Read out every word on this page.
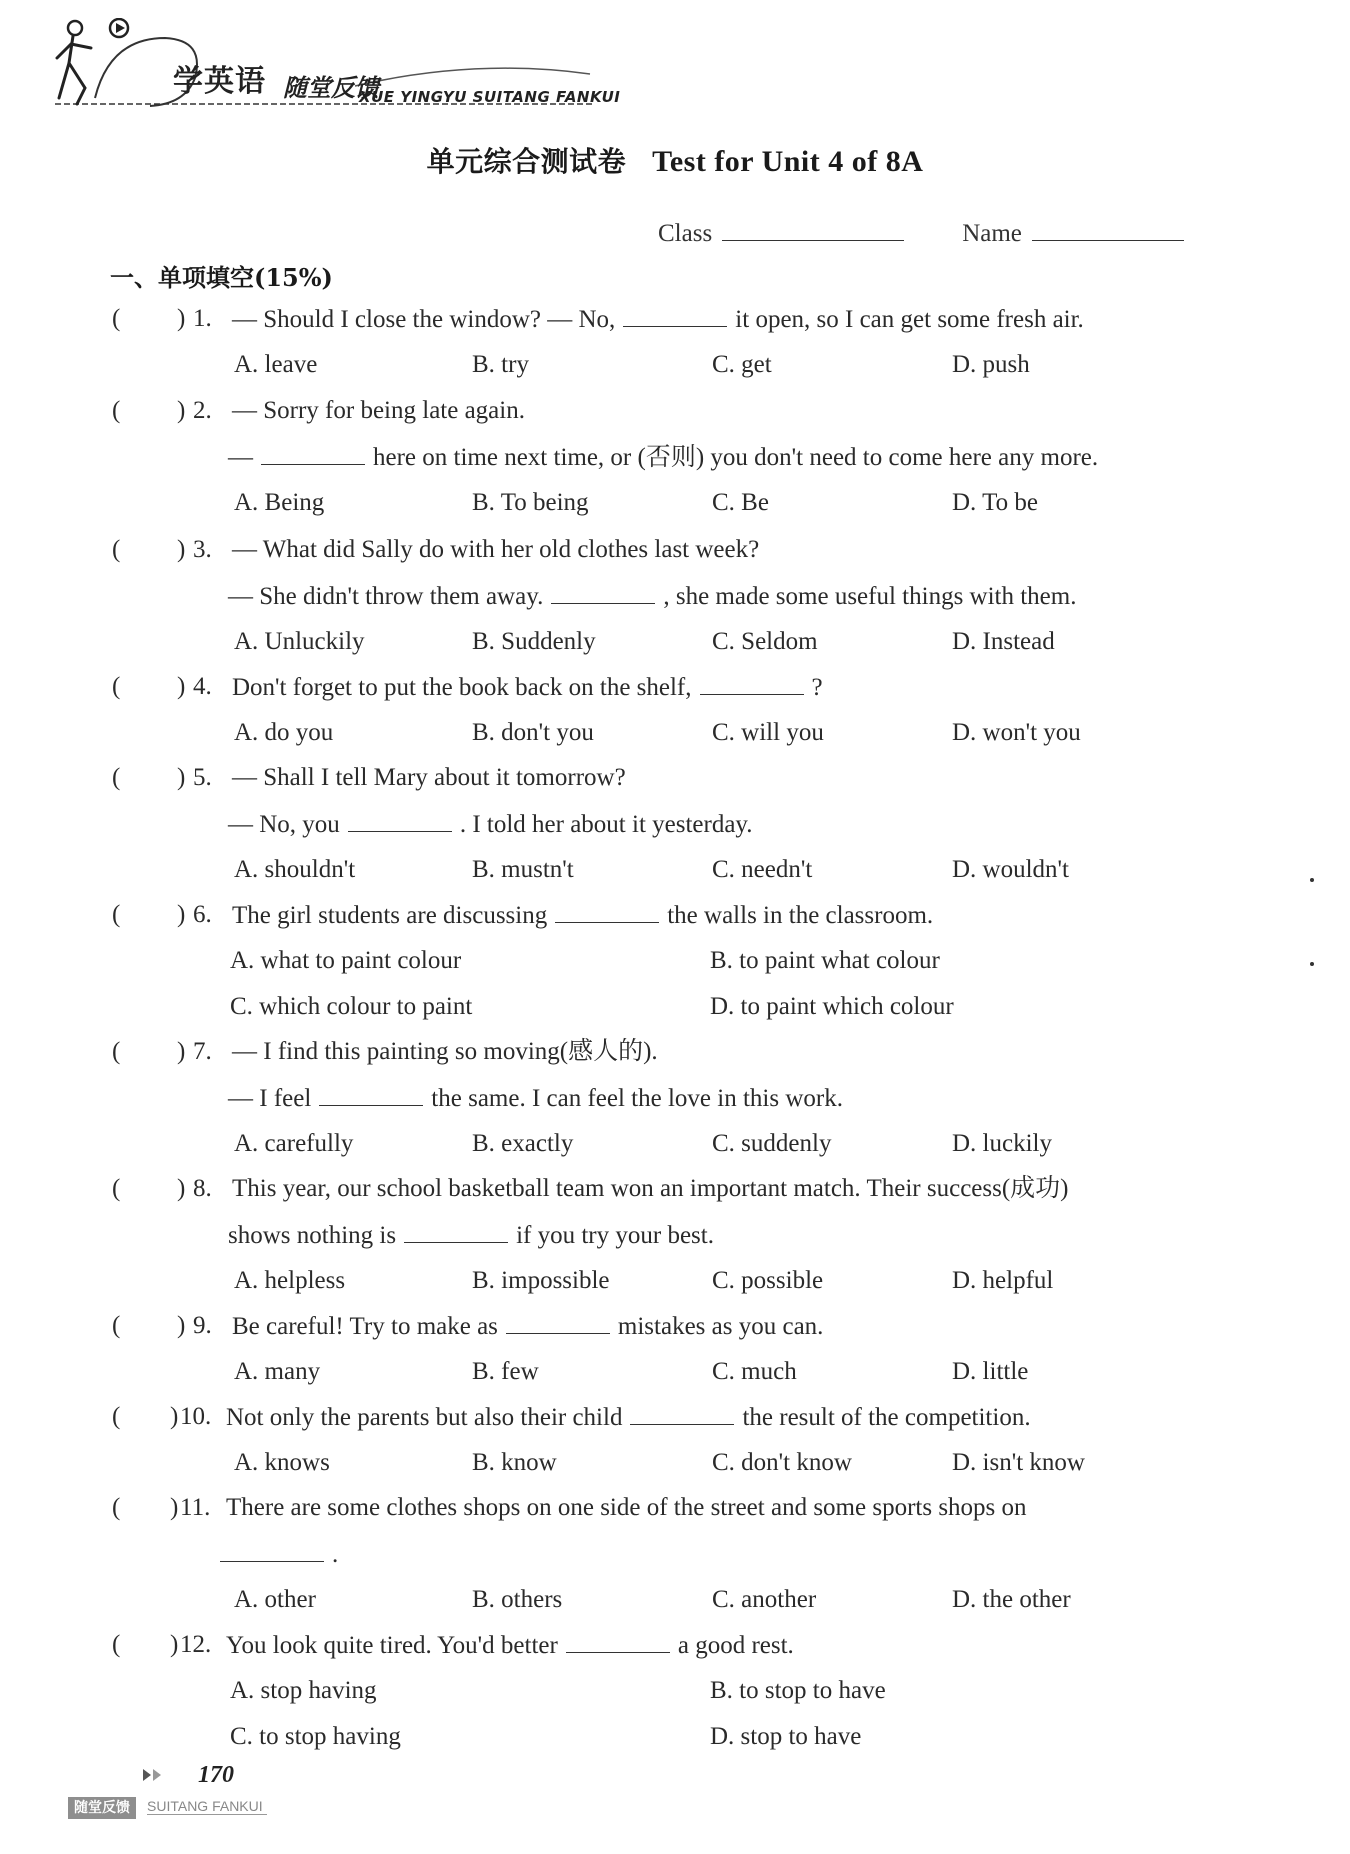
学英语 随堂反馈
XUE YINGYU SUITANG FANKUI
单元综合测试卷 Test for Unit 4 of 8A
Class	Name
一、单项填空(15%)
( ) 1. — Should I close the window? — No,	it open, so I can get some fresh air.
A. leave	B. try	C. get	D. push
( ) 2. — Sorry for being late again.
—	here on time next time, or (否则) you don't need to come here any more.
A. Being	B. To being	C. Be	D. To be
( ) 3. — What did Sally do with her old clothes last week?
— She didn't throw them away.	, she made some useful things with them.
A. Unluckily	B. Suddenly	C. Seldom	D. Instead
( ) 4. Don't forget to put the book back on the shelf,	?
A. do you	B. don't you	C. will you	D. won't you
( ) 5. — Shall I tell Mary about it tomorrow?
— No, you	. I told her about it yesterday.
A. shouldn't	B. mustn't	C. needn't	D. wouldn't
( ) 6. The girl students are discussing	the walls in the classroom.
A. what to paint colour	B. to paint what colour
C. which colour to paint	D. to paint which colour
( ) 7. — I find this painting so moving(感人的).
— I feel	the same. I can feel the love in this work.
A. carefully	B. exactly	C. suddenly	D. luckily
( ) 8. This year, our school basketball team won an important match. Their success(成功)
shows nothing is	if you try your best.
A. helpless	B. impossible	C. possible	D. helpful
( ) 9. Be careful! Try to make as	mistakes as you can.
A. many	B. few	C. much	D. little
( ) 10. Not only the parents but also their child	the result of the competition.
A. knows	B. know	C. don't know	D. isn't know
( ) 11. There are some clothes shops on one side of the street and some sports shops on
.
A. other	B. others	C. another	D. the other
( ) 12. You look quite tired. You'd better	a good rest.
A. stop having	B. to stop to have
C. to stop having	D. stop to have
170
随堂反馈	SUITANG FANKUI
